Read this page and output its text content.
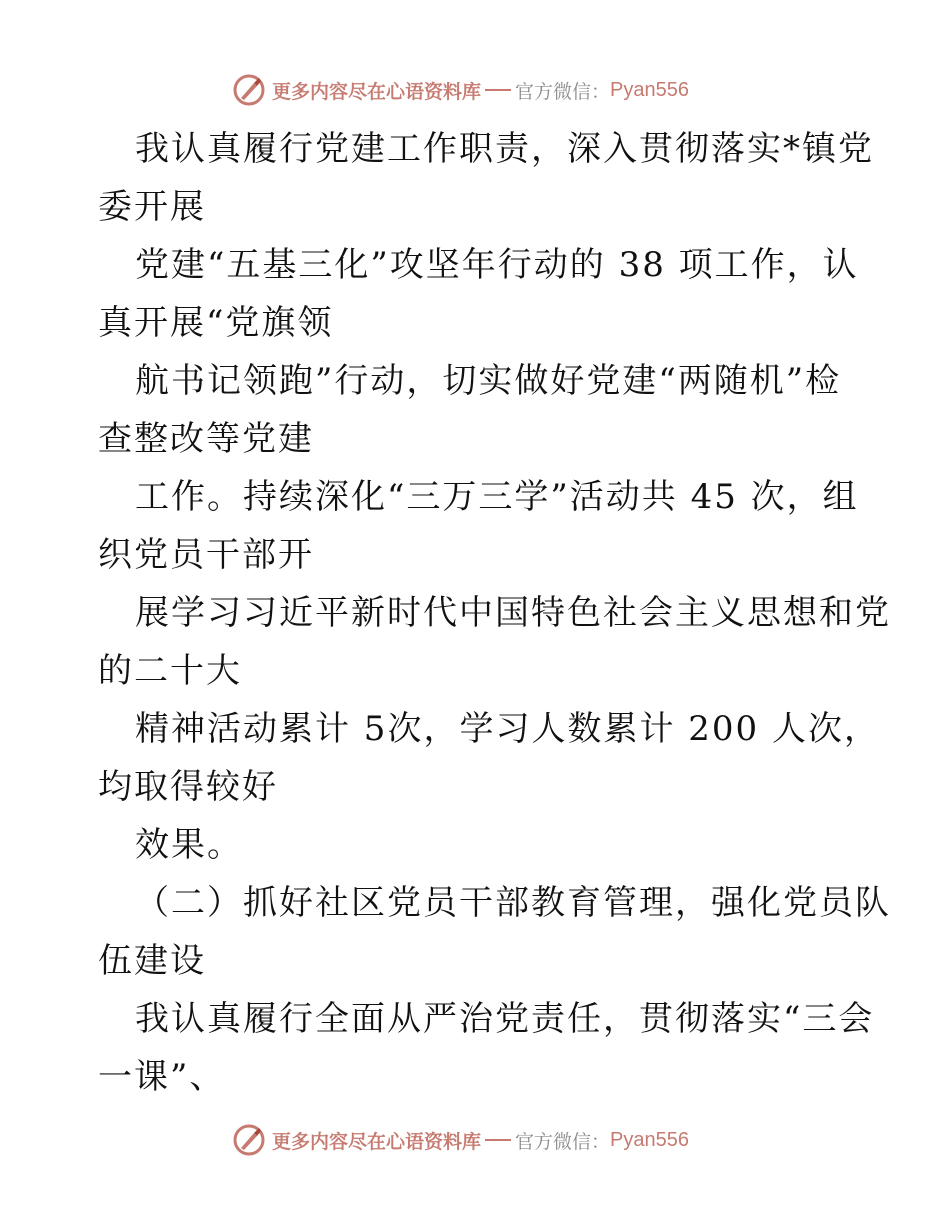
更多内容尽在心语资料库 官方微信： Pyan556
我认真履行党建工作职责，深入贯彻落实*镇党
委开展
党建“五基三化”攻坚年行动的 38 项工作，认
真开展“党旗领
航书记领跑”行动，切实做好党建“两随机”检
查整改等党建
工作。持续深化“三万三学”活动共 45 次，组
织党员干部开
展学习习近平新时代中国特色社会主义思想和党
的二十大
精神活动累计 5次，学习人数累计 200 人次，
均取得较好
效果。
（二）抓好社区党员干部教育管理，强化党员队
伍建设
我认真履行全面从严治党责任，贯彻落实“三会
一课”、
更多内容尽在心语资料库 官方微信： Pyan556
